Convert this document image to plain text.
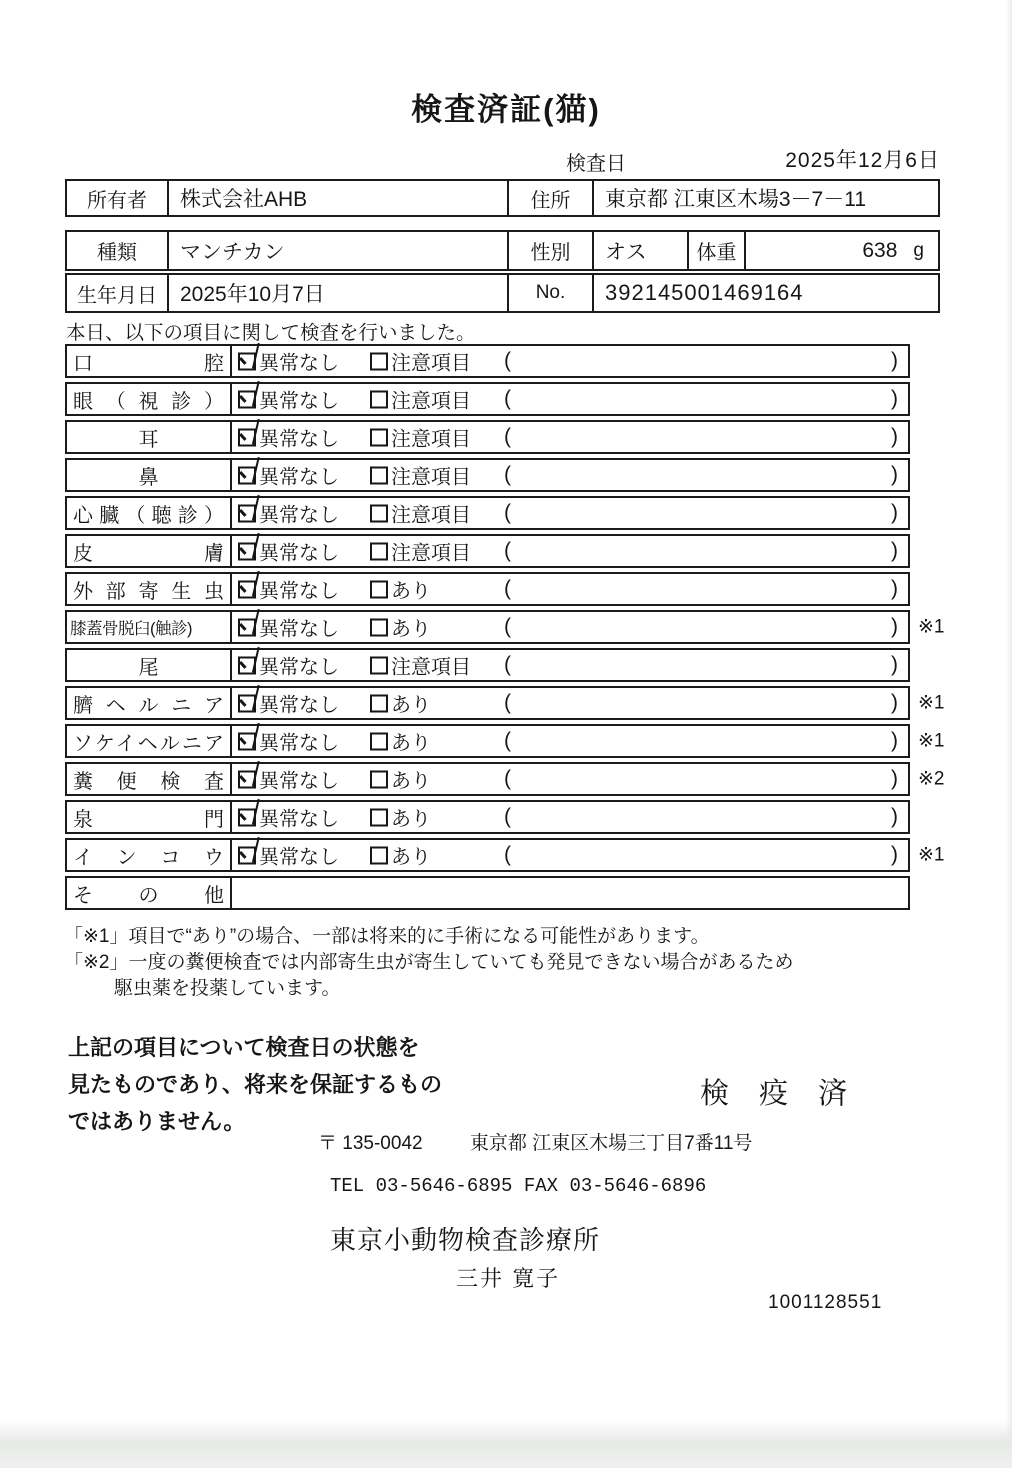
検査済証(猫)
検査日	2025年12月6日
所有者	株式会社AHB	住所	東京都 江東区木場3－7－11
種類	マンチカン	性別	オス	体重	638 g
生年月日	2025年10月7日	No.	392145001469164
本日、以下の項目に関して検査を行いました。
口腔	異常なし	注意項目 (	)
眼（視診）	異常なし	注意項目 (	)
耳	異常なし	注意項目 (	)
鼻	異常なし	注意項目 (	)
心臓（聴診）	異常なし	注意項目 (	)
皮膚	異常なし	注意項目 (	)
外部寄生虫	異常なし	あり	(	)
膝蓋骨脱臼(触診)	異常なし	あり	(	) ※1
尾	異常なし	注意項目 (	)
臍ヘルニア	異常なし	あり	(	) ※1
ソケイヘルニア	異常なし	あり	(	) ※1
糞便検査	異常なし	あり	(	) ※2
泉門	異常なし	あり	(	)
インコウ	異常なし	あり	(	) ※1
その他
「※1」項目で“あり”の場合、一部は将来的に手術になる可能性があります。
「※2」一度の糞便検査では内部寄生虫が寄生していても発見できない場合があるため
駆虫薬を投薬しています。
上記の項目について検査日の状態を
見たものであり、将来を保証するもの
ではありません。
検 疫 済
〒 135-0042 東京都 江東区木場三丁目7番11号
TEL 03-5646-6895 FAX 03-5646-6896
東京小動物検査診療所
三井 寛子
1001128551
